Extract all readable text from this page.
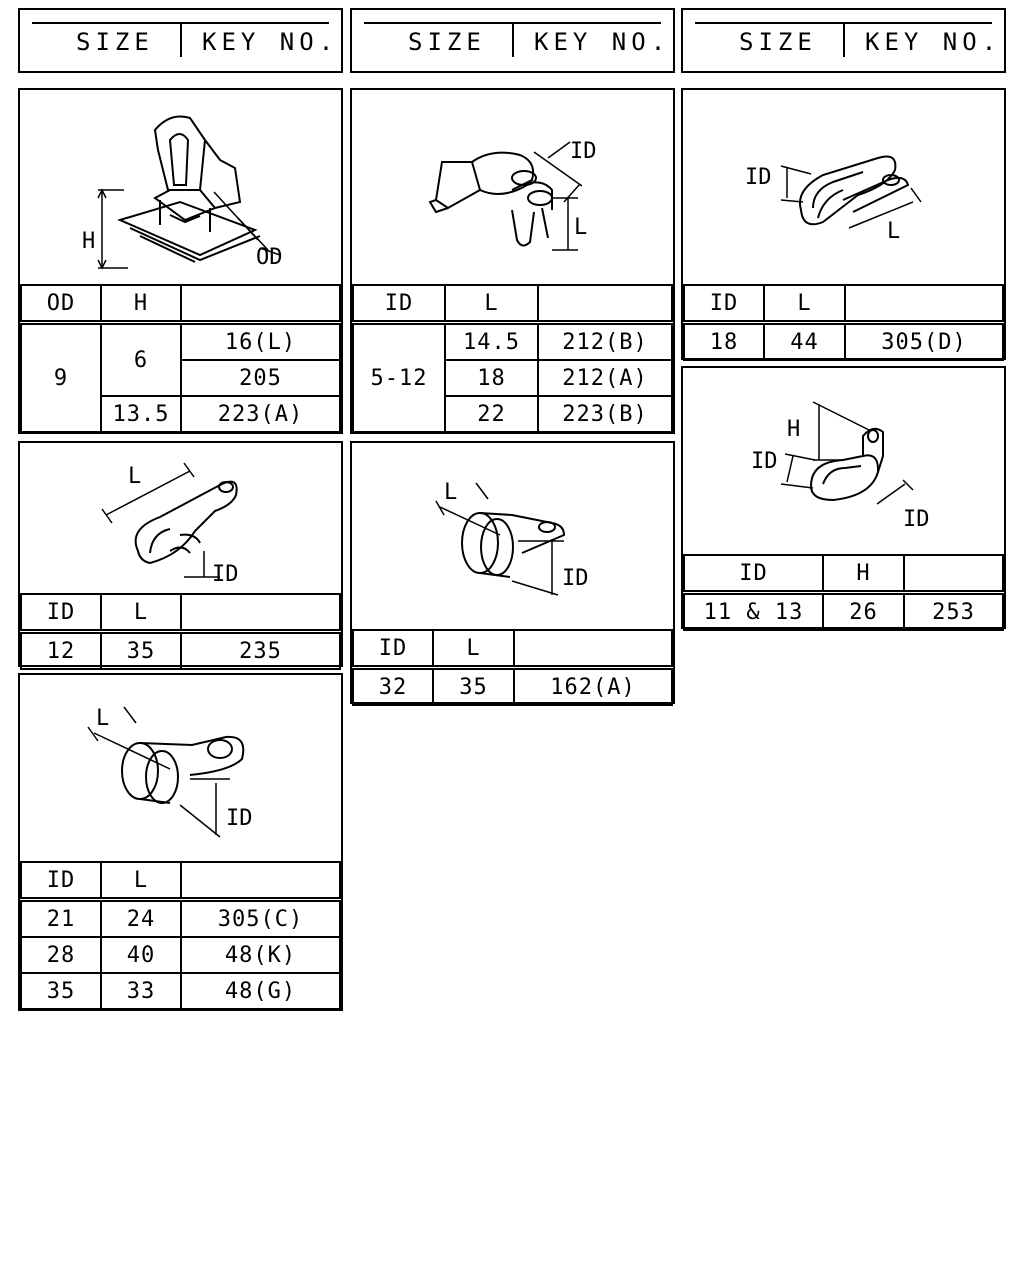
SIZE KEY NO.	SIZE KEY NO.	SIZE KEY NO.
H
OD
OD	H	
9	6	16(L)
		205
	13.5	223(A)
ID
L
ID	L	
5-12	14.5	212(B)
	18	212(A)
	22	223(B)
ID
L
ID	L	
18	44	305(D)
L
ID
ID	L	
12	35	235
L
ID
ID	L	
32	35	162(A)
H
ID
ID
ID	H	
11 & 13	26	253
L
ID
ID	L	
21	24	305(C)
28	40	48(K)
35	33	48(G)
